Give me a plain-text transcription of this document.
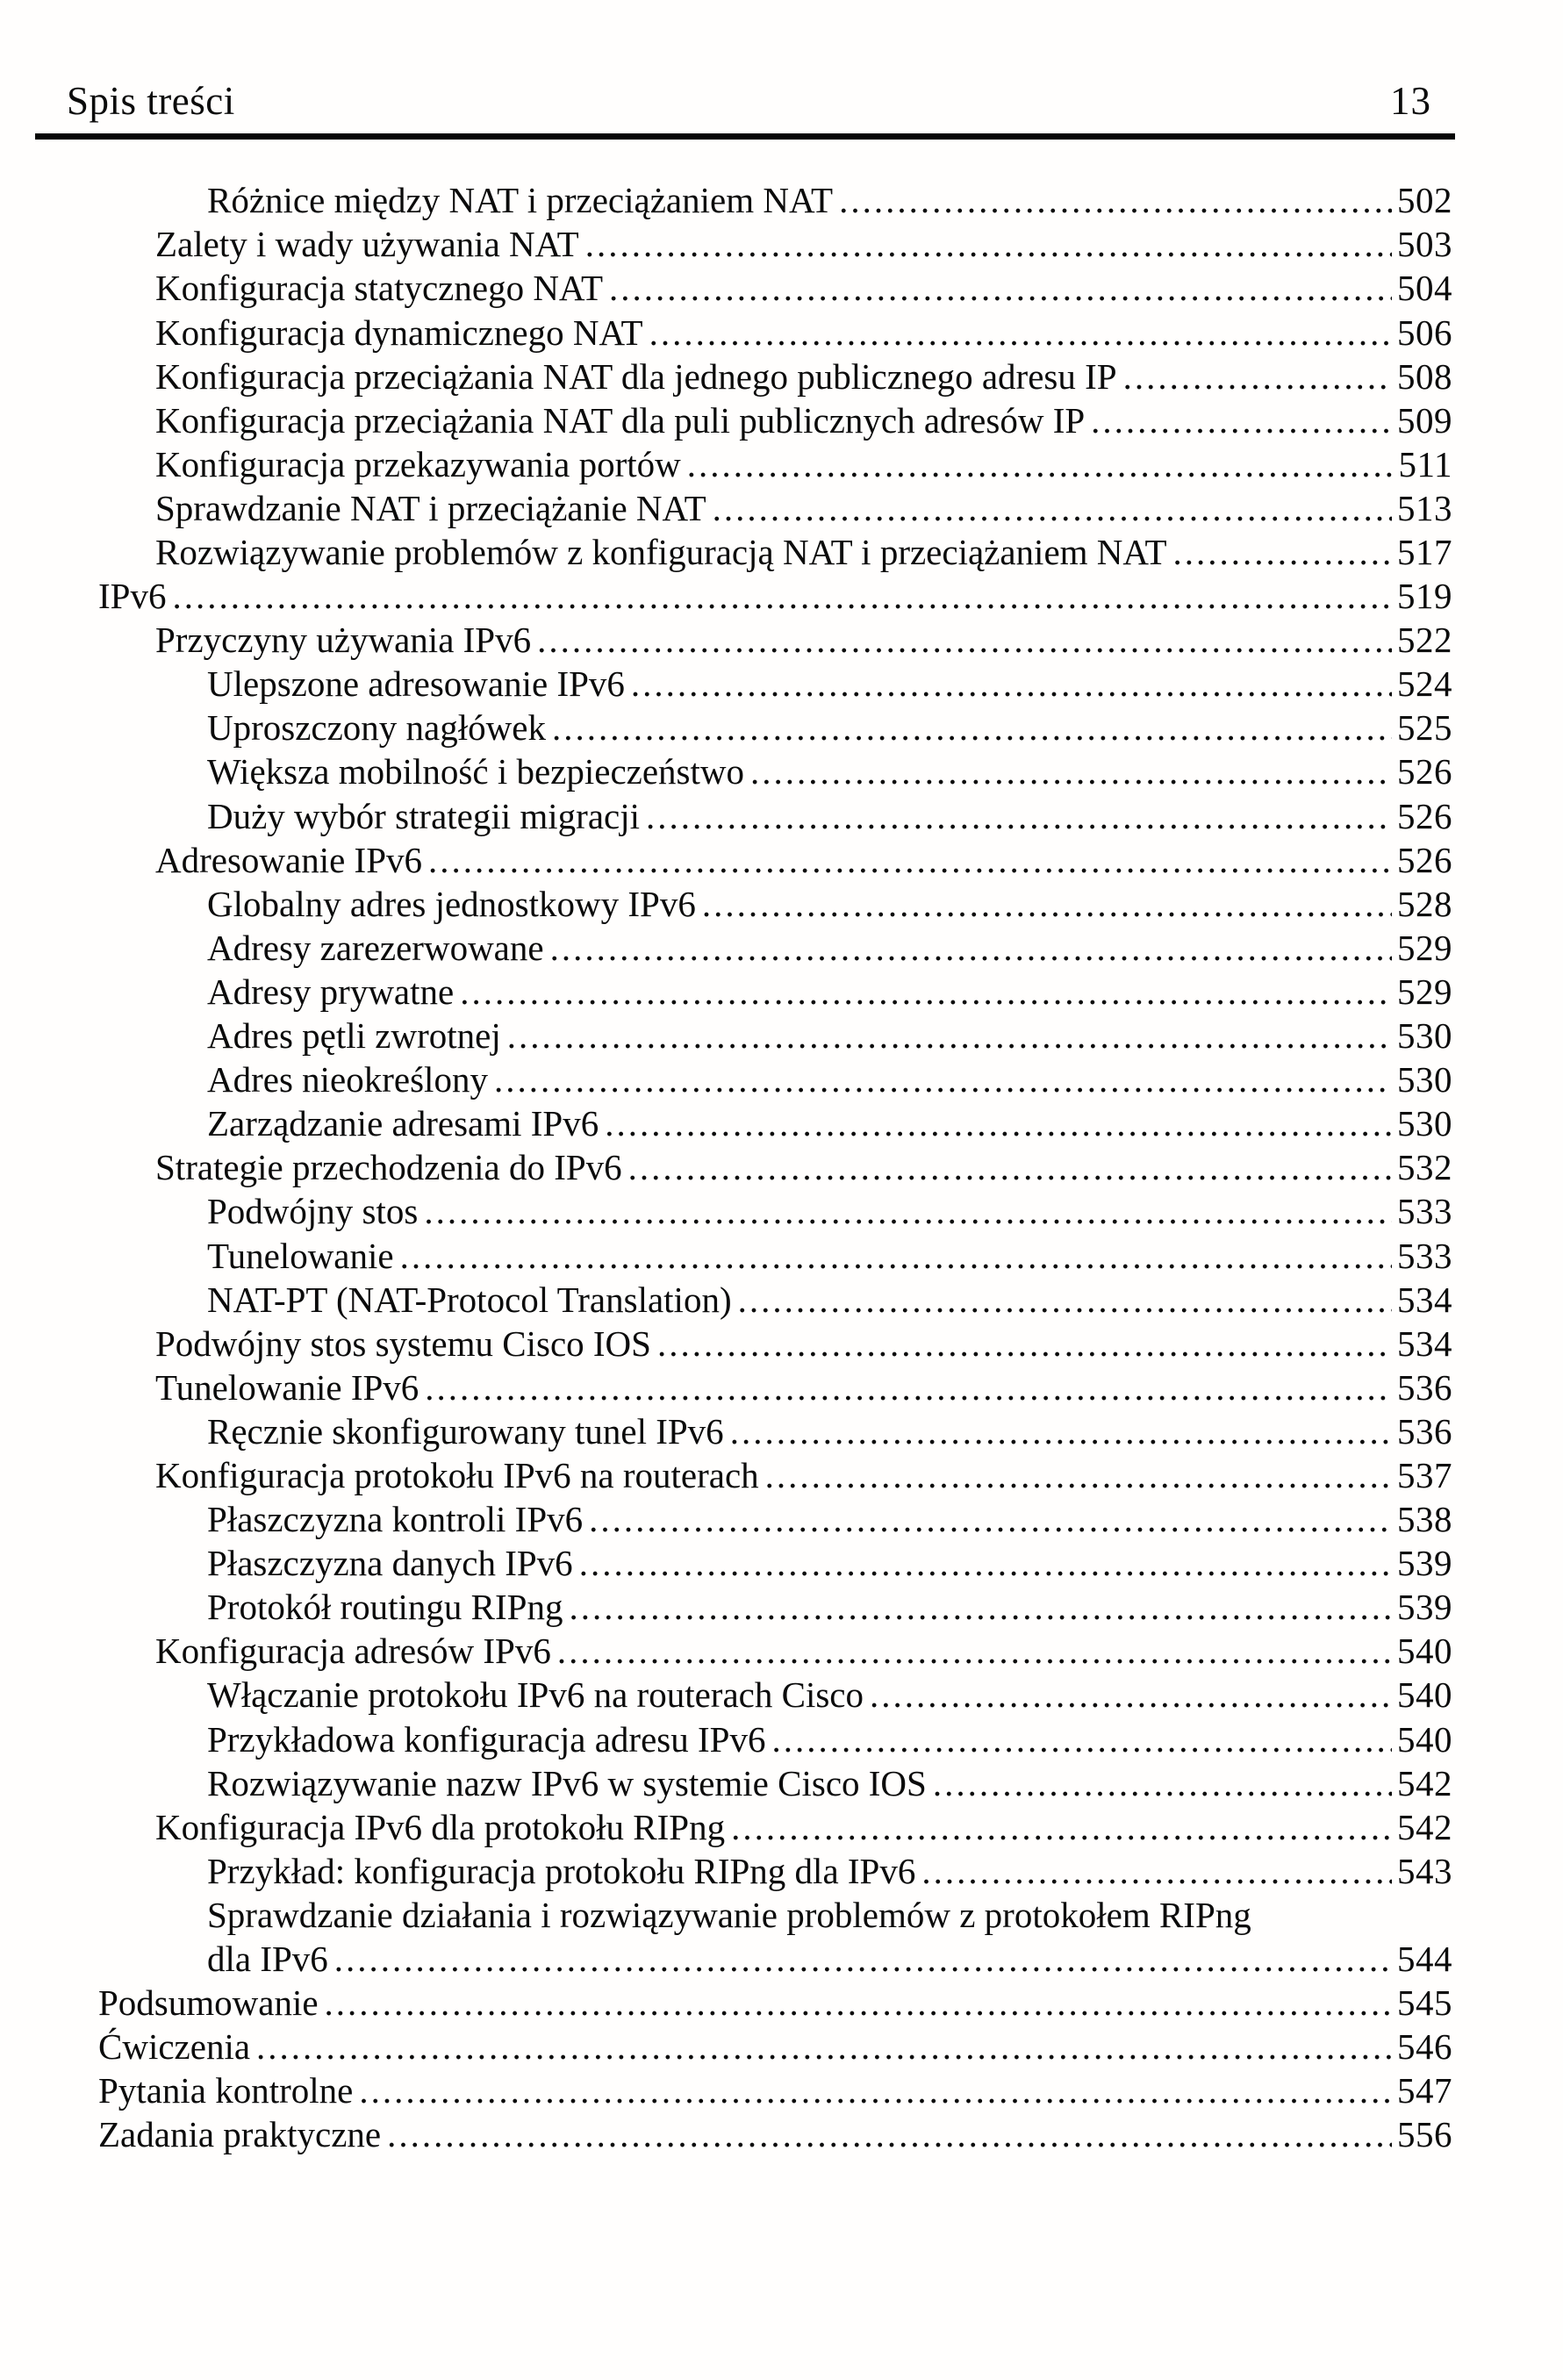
Spis treści	13
Różnice między NAT i przeciążaniem NAT .....	502
Zalety i wady używania NAT .....	503
Konfiguracja statycznego NAT .....	504
Konfiguracja dynamicznego NAT .....	506
Konfiguracja przeciążania NAT dla jednego publicznego adresu IP .....	508
Konfiguracja przeciążania NAT dla puli publicznych adresów IP .....	509
Konfiguracja przekazywania portów .....	511
Sprawdzanie NAT i przeciążanie NAT .....	513
Rozwiązywanie problemów z konfiguracją NAT i przeciążaniem NAT .....	517
IPv6 .....	519
Przyczyny używania IPv6 .....	522
Ulepszone adresowanie IPv6 .....	524
Uproszczony nagłówek .....	525
Większa mobilność i bezpieczeństwo .....	526
Duży wybór strategii migracji .....	526
Adresowanie IPv6 .....	526
Globalny adres jednostkowy IPv6 .....	528
Adresy zarezerwowane .....	529
Adresy prywatne .....	529
Adres pętli zwrotnej .....	530
Adres nieokreślony .....	530
Zarządzanie adresami IPv6 .....	530
Strategie przechodzenia do IPv6 .....	532
Podwójny stos .....	533
Tunelowanie .....	533
NAT-PT (NAT-Protocol Translation) .....	534
Podwójny stos systemu Cisco IOS .....	534
Tunelowanie IPv6 .....	536
Ręcznie skonfigurowany tunel IPv6 .....	536
Konfiguracja protokołu IPv6 na routerach .....	537
Płaszczyzna kontroli IPv6 .....	538
Płaszczyzna danych IPv6 .....	539
Protokół routingu RIPng .....	539
Konfiguracja adresów IPv6 .....	540
Włączanie protokołu IPv6 na routerach Cisco .....	540
Przykładowa konfiguracja adresu IPv6 .....	540
Rozwiązywanie nazw IPv6 w systemie Cisco IOS .....	542
Konfiguracja IPv6 dla protokołu RIPng .....	542
Przykład: konfiguracja protokołu RIPng dla IPv6 .....	543
Sprawdzanie działania i rozwiązywanie problemów z protokołem RIPng
dla IPv6 .....	544
Podsumowanie .....	545
Ćwiczenia .....	546
Pytania kontrolne .....	547
Zadania praktyczne .....	556
